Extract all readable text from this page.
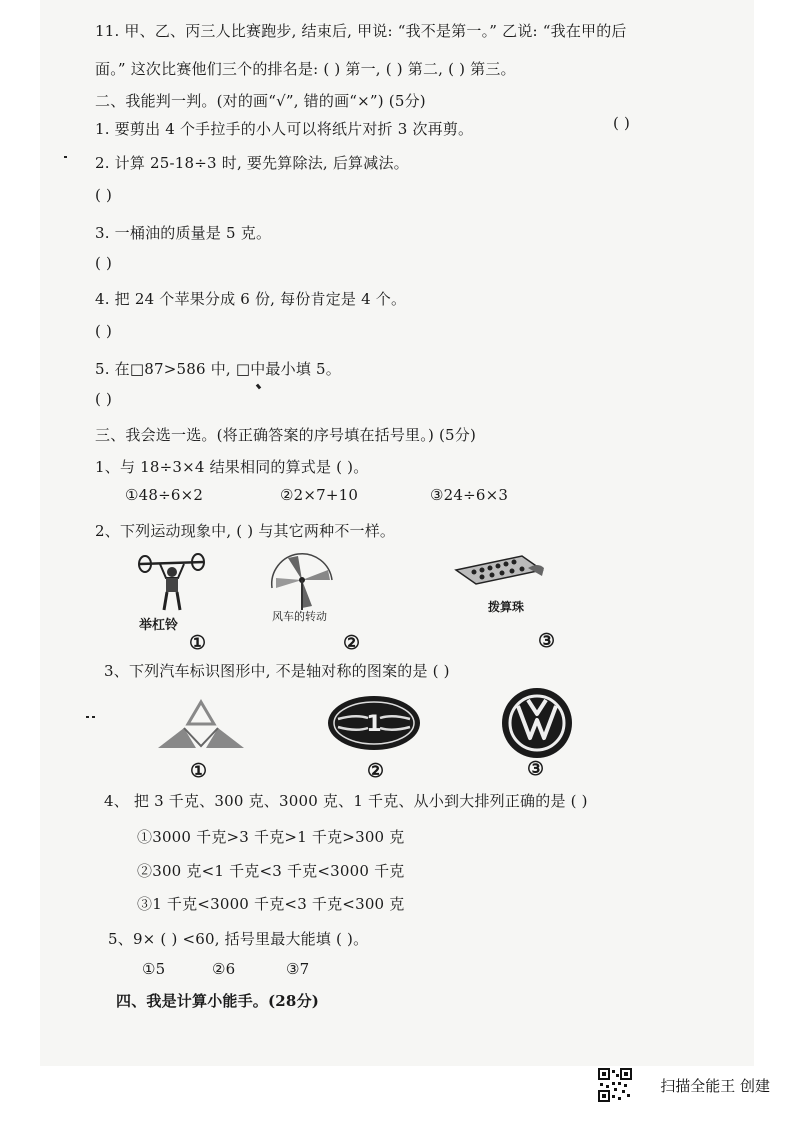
11. 甲、乙、丙三人比赛跑步, 结束后, 甲说: “我不是第一。” 乙说: “我在甲的后
面。” 这次比赛他们三个的排名是: ( ) 第一, ( ) 第二, ( ) 第三。
二、我能判一判。(对的画“√”, 错的画“×”) (5分)
1. 要剪出 4 个手拉手的小人可以将纸片对折 3 次再剪。	( )
2. 计算 25-18÷3 时, 要先算除法, 后算减法。
( )
3. 一桶油的质量是 5 克。
( )
4. 把 24 个苹果分成 6 份, 每份肯定是 4 个。
( )
5. 在□87>586 中, □中最小填 5。
( )
三、我会选一选。(将正确答案的序号填在括号里。) (5分)
1、与 18÷3×4 结果相同的算式是 ( )。
①48÷6×2	②2×7+10	③24÷6×3
2、下列运动现象中, ( ) 与其它两种不一样。
举杠铃
①
风车的转动
②
拨算珠
③
3、下列汽车标识图形中, 不是轴对称的图案的是 ( )
①
1
②	③
4、 把 3 千克、300 克、3000 克、1 千克、从小到大排列正确的是 ( )
①3000 千克>3 千克>1 千克>300 克
②300 克<1 千克<3 千克<3000 千克
③1 千克<3000 千克<3 千克<300 克
5、9× ( ) <60, 括号里最大能填 ( )。
①5	②6	③7
四、我是计算小能手。(28分)
扫描全能王 创建
